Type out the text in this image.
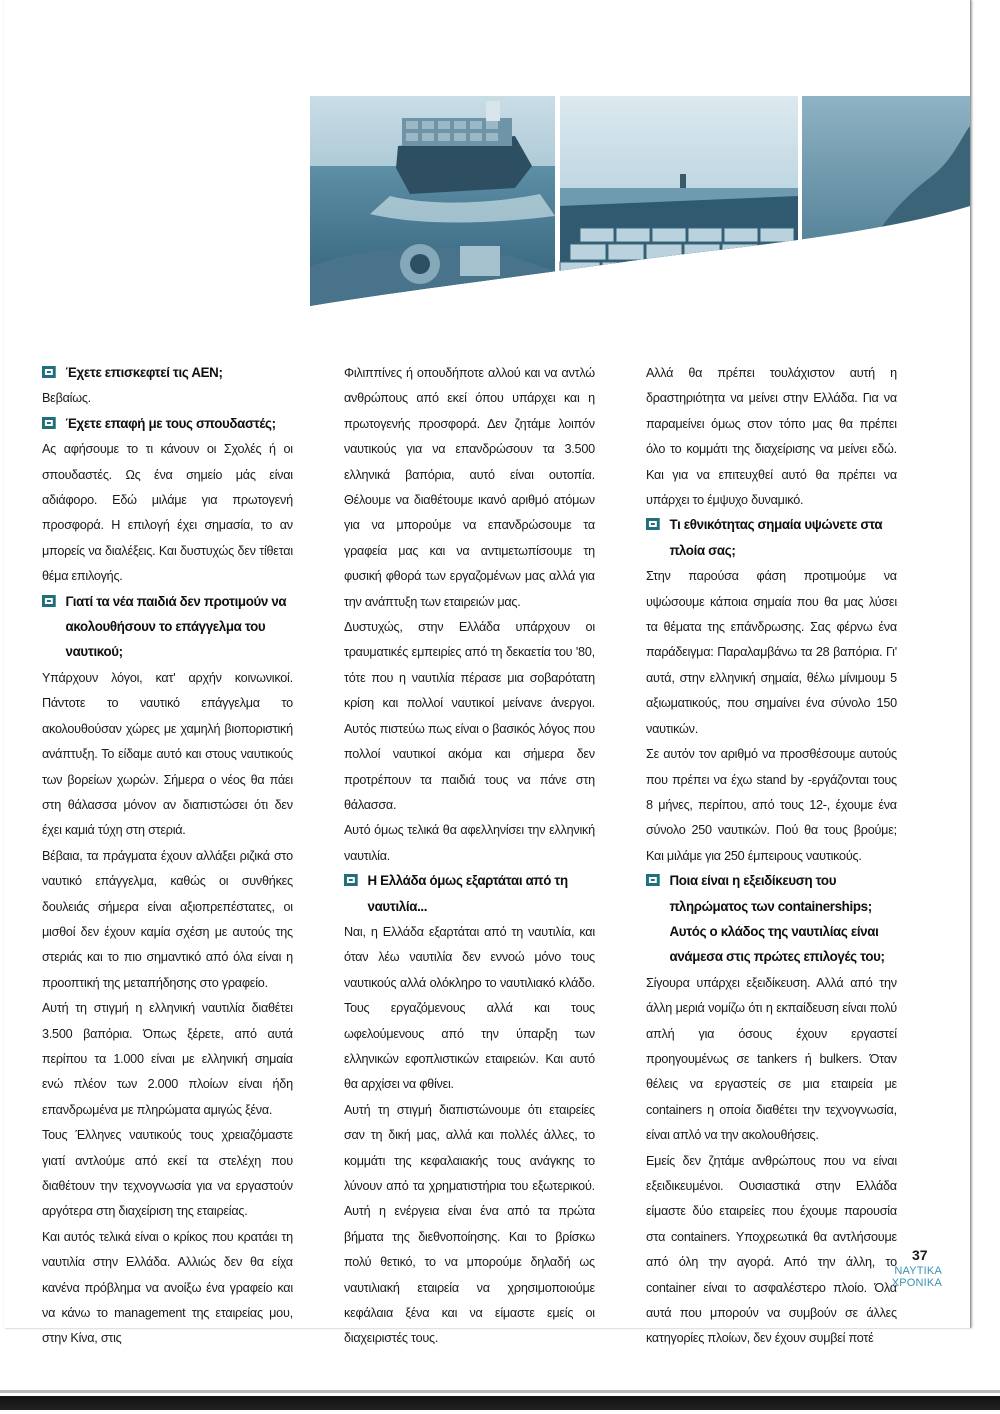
Έχετε επισκεφτεί τις ΑΕΝ;

Βεβαίως.

Έχετε επαφή με τους σπουδαστές;

Ας αφήσουμε το τι κάνουν οι Σχολές ή οι σπουδαστές. Ως ένα σημείο μάς είναι αδιάφορο. Εδώ μιλάμε για πρωτογενή προσφορά. Η επιλογή έχει σημασία, το αν μπορείς να διαλέξεις. Και δυστυχώς δεν τίθεται θέμα επιλογής.

Γιατί τα νέα παιδιά δεν προτιμούν να ακολουθήσουν το επάγγελμα του ναυτικού;

Υπάρχουν λόγοι, κατ' αρχήν κοινωνικοί. Πάντοτε το ναυτικό επάγγελμα το ακολουθούσαν χώρες με χαμηλή βιοποριστική ανάπτυξη. Το είδαμε αυτό και στους ναυτικούς των βορείων χωρών. Σήμερα ο νέος θα πάει στη θάλασσα μόνον αν διαπιστώσει ότι δεν έχει καμιά τύχη στη στεριά.

Βέβαια, τα πράγματα έχουν αλλάξει ριζικά στο ναυτικό επάγγελμα, καθώς οι συνθήκες δουλειάς σήμερα είναι αξιοπρεπέστατες, οι μισθοί δεν έχουν καμία σχέση με αυτούς της στεριάς και το πιο σημαντικό από όλα είναι η προοπτική της μεταπήδησης στο γραφείο.

Αυτή τη στιγμή η ελληνική ναυτιλία διαθέτει 3.500 βαπόρια. Όπως ξέρετε, από αυτά περίπου τα 1.000 είναι με ελληνική σημαία ενώ πλέον των 2.000 πλοίων είναι ήδη επανδρωμένα με πληρώματα αμιγώς ξένα.

Τους Έλληνες ναυτικούς τους χρειαζόμαστε γιατί αντλούμε από εκεί τα στελέχη που διαθέτουν την τεχνογνωσία για να εργαστούν αργότερα στη διαχείριση της εταιρείας.

Και αυτός τελικά είναι ο κρίκος που κρατάει τη ναυτιλία στην Ελλάδα. Αλλιώς δεν θα είχα κανένα πρόβλημα να ανοίξω ένα γραφείο και να κάνω το management της εταιρείας μου, στην Κίνα, στις

Φιλιππίνες ή οπουδήποτε αλλού και να αντλώ ανθρώπους από εκεί όπου υπάρχει και η πρωτογενής προσφορά. Δεν ζητάμε λοιπόν ναυτικούς για να επανδρώσουν τα 3.500 ελληνικά βαπόρια, αυτό είναι ουτοπία. Θέλουμε να διαθέτουμε ικανό αριθμό ατόμων για να μπορούμε να επανδρώσουμε τα γραφεία μας και να αντιμετωπίσουμε τη φυσική φθορά των εργαζομένων μας αλλά για την ανάπτυξη των εταιρειών μας.

Δυστυχώς, στην Ελλάδα υπάρχουν οι τραυματικές εμπειρίες από τη δεκαετία του '80, τότε που η ναυτιλία πέρασε μια σοβαρότατη κρίση και πολλοί ναυτικοί μείνανε άνεργοι. Αυτός πιστεύω πως είναι ο βασικός λόγος που πολλοί ναυτικοί ακόμα και σήμερα δεν προτρέπουν τα παιδιά τους να πάνε στη θάλασσα.

Αυτό όμως τελικά θα αφελληνίσει την ελληνική ναυτιλία.

Η Ελλάδα όμως εξαρτάται από τη ναυτιλία...

Ναι, η Ελλάδα εξαρτάται από τη ναυτιλία, και όταν λέω ναυτιλία δεν εννοώ μόνο τους ναυτικούς αλλά ολόκληρο το ναυτιλιακό κλάδο. Τους εργαζόμενους αλλά και τους ωφελούμενους από την ύπαρξη των ελληνικών εφοπλιστικών εταιρειών. Και αυτό θα αρχίσει να φθίνει.

Αυτή τη στιγμή διαπιστώνουμε ότι εταιρείες σαν τη δική μας, αλλά και πολλές άλλες, το κομμάτι της κεφαλαιακής τους ανάγκης το λύνουν από τα χρηματιστήρια του εξωτερικού. Αυτή η ενέργεια είναι ένα από τα πρώτα βήματα της διεθνοποίησης. Και το βρίσκω πολύ θετικό, το να μπορούμε δηλαδή ως ναυτιλιακή εταιρεία να χρησιμοποιούμε κεφάλαια ξένα και να είμαστε εμείς οι διαχειριστές τους.

Αλλά θα πρέπει τουλάχιστον αυτή η δραστηριότητα να μείνει στην Ελλάδα. Για να παραμείνει όμως στον τόπο μας θα πρέπει όλο το κομμάτι της διαχείρισης να μείνει εδώ. Και για να επιτευχθεί αυτό θα πρέπει να υπάρχει το έμψυχο δυναμικό.

Τι εθνικότητας σημαία υψώνετε στα πλοία σας;

Στην παρούσα φάση προτιμούμε να υψώσουμε κάποια σημαία που θα μας λύσει τα θέματα της επάνδρωσης. Σας φέρνω ένα παράδειγμα: Παραλαμβάνω τα 28 βαπόρια. Γι' αυτά, στην ελληνική σημαία, θέλω μίνιμουμ 5 αξιωματικούς, που σημαίνει ένα σύνολο 150 ναυτικών.

Σε αυτόν τον αριθμό να προσθέσουμε αυτούς που πρέπει να έχω stand by -εργάζονται τους 8 μήνες, περίπου, από τους 12-, έχουμε ένα σύνολο 250 ναυτικών. Πού θα τους βρούμε; Και μιλάμε για 250 έμπειρους ναυτικούς.

Ποια είναι η εξειδίκευση του πληρώματος των containerships; Αυτός ο κλάδος της ναυτιλίας είναι ανάμεσα στις πρώτες επιλογές του;

Σίγουρα υπάρχει εξειδίκευση. Αλλά από την άλλη μεριά νομίζω ότι η εκπαίδευση είναι πολύ απλή για όσους έχουν εργαστεί προηγουμένως σε tankers ή bulkers. Όταν θέλεις να εργαστείς σε μια εταιρεία με containers η οποία διαθέτει την τεχνογνωσία, είναι απλό να την ακολουθήσεις.

Εμείς δεν ζητάμε ανθρώπους που να είναι εξειδικευμένοι. Ουσιαστικά στην Ελλάδα είμαστε δύο εταιρείες που έχουμε παρουσία στα containers. Υποχρεωτικά θα αντλήσουμε από όλη την αγορά. Από την άλλη, το container είναι το ασφαλέστερο πλοίο. Όλα αυτά που μπορούν να συμβούν σε άλλες κατηγορίες πλοίων, δεν έχουν συμβεί ποτέ

37
ΝΑΥΤΙΚΑ
ΧΡΟΝΙΚΑ
